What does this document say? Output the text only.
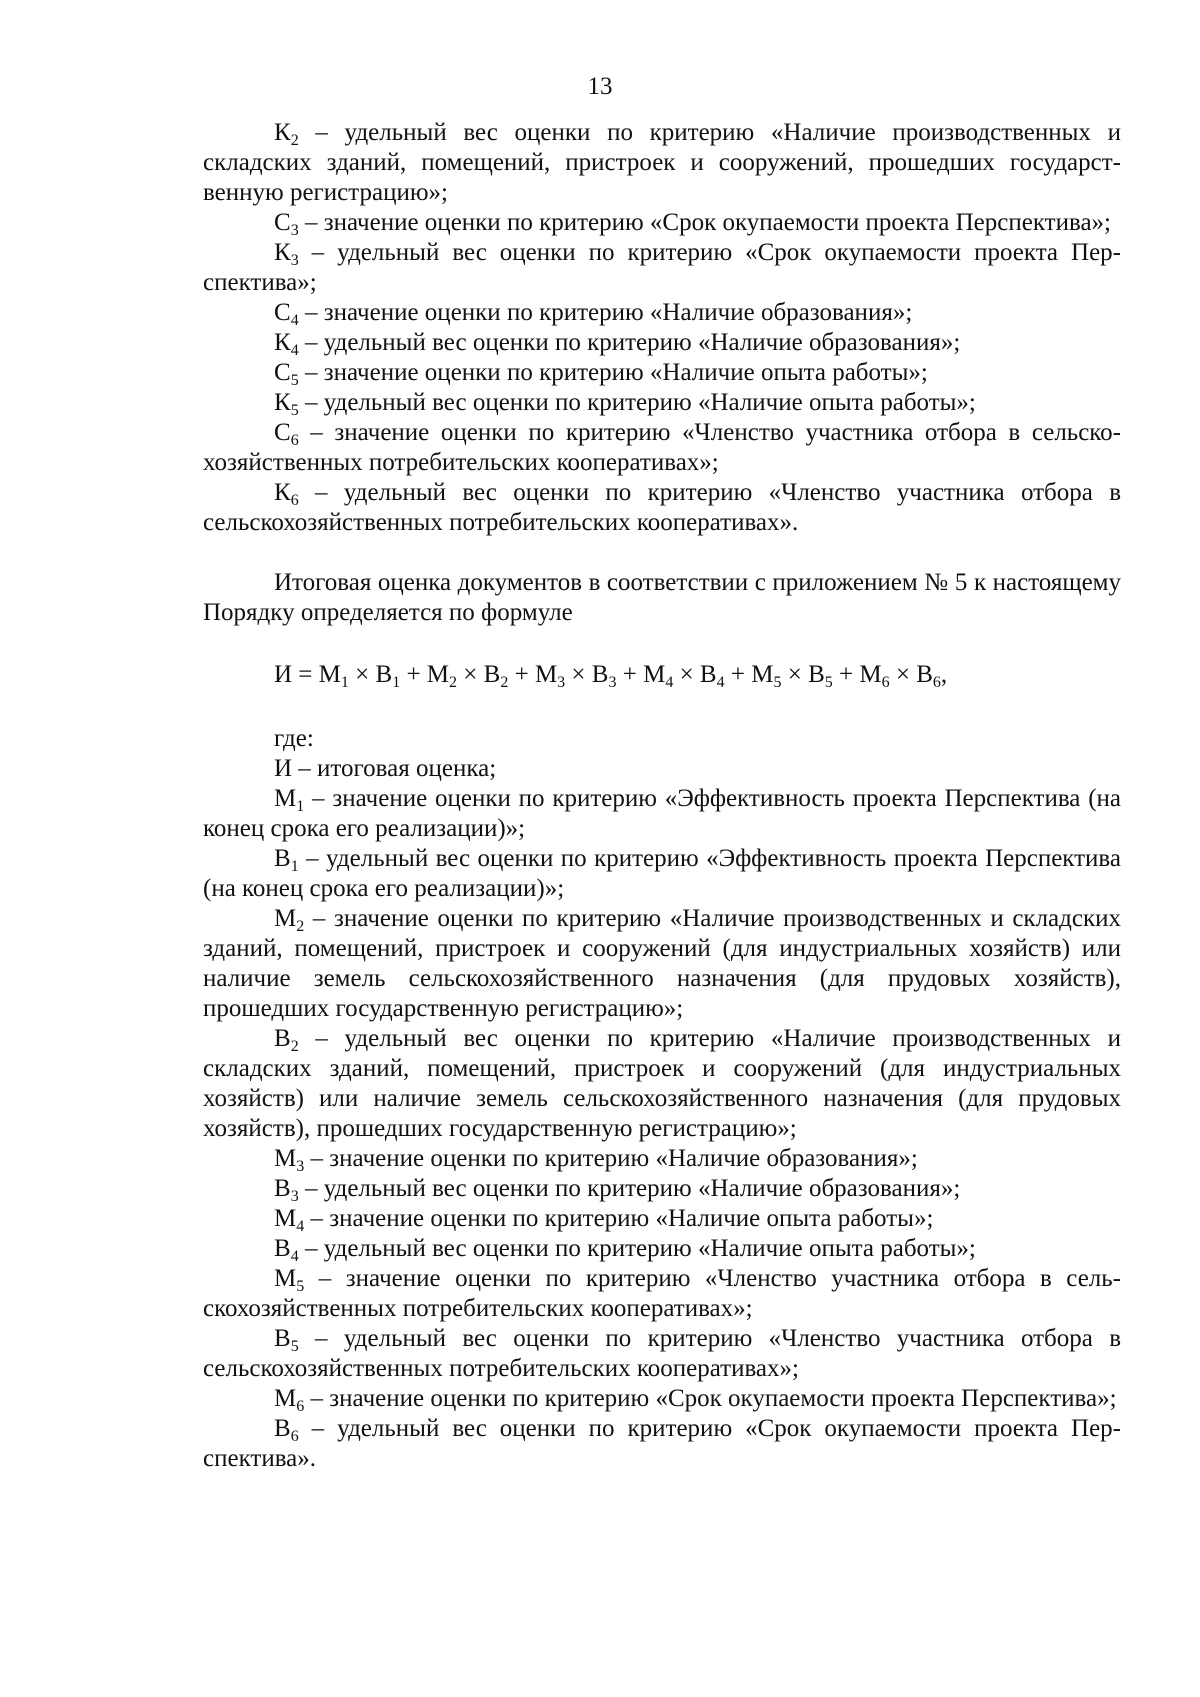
13

$К_2$ – удельный вес оценки по критерию «Наличие производственных и складских зданий, помещений, пристроек и сооружений, прошедших государственную регистрацию»;

$С_3$ – значение оценки по критерию «Срок окупаемости проекта Перспектива»;

$К_3$ – удельный вес оценки по критерию «Срок окупаемости проекта Перспектива»;

$С_4$ – значение оценки по критерию «Наличие образования»;

$К_4$ – удельный вес оценки по критерию «Наличие образования»;

$С_5$ – значение оценки по критерию «Наличие опыта работы»;

$К_5$ – удельный вес оценки по критерию «Наличие опыта работы»;

$С_6$ – значение оценки по критерию «Членство участника отбора в сельскохозяйственных потребительских кооперативах»;

$К_6$ – удельный вес оценки по критерию «Членство участника отбора в сельскохозяйственных потребительских кооперативах».

Итоговая оценка документов в соответствии с приложением № 5 к настоящему Порядку определяется по формуле

$И = М_1 \times В_1 + М_2 \times В_2 + М_3 \times В_3 + М_4 \times В_4 + М_5 \times В_5 + М_6 \times В_6$,

где:

И – итоговая оценка;

$М_1$ – значение оценки по критерию «Эффективность проекта Перспектива (на конец срока его реализации)»;

$В_1$ – удельный вес оценки по критерию «Эффективность проекта Перспектива (на конец срока его реализации)»;

$М_2$ – значение оценки по критерию «Наличие производственных и складских зданий, помещений, пристроек и сооружений (для индустриальных хозяйств) или наличие земель сельскохозяйственного назначения (для прудовых хозяйств), прошедших государственную регистрацию»;

$В_2$ – удельный вес оценки по критерию «Наличие производственных и складских зданий, помещений, пристроек и сооружений (для индустриальных хозяйств) или наличие земель сельскохозяйственного назначения (для прудовых хозяйств), прошедших государственную регистрацию»;

$М_3$ – значение оценки по критерию «Наличие образования»;

$В_3$ – удельный вес оценки по критерию «Наличие образования»;

$М_4$ – значение оценки по критерию «Наличие опыта работы»;

$В_4$ – удельный вес оценки по критерию «Наличие опыта работы»;

$М_5$ – значение оценки по критерию «Членство участника отбора в сельскохозяйственных потребительских кооперативах»;

$В_5$ – удельный вес оценки по критерию «Членство участника отбора в сельскохозяйственных потребительских кооперативах»;

$М_6$ – значение оценки по критерию «Срок окупаемости проекта Перспектива»;

$В_6$ – удельный вес оценки по критерию «Срок окупаемости проекта Перспектива».
